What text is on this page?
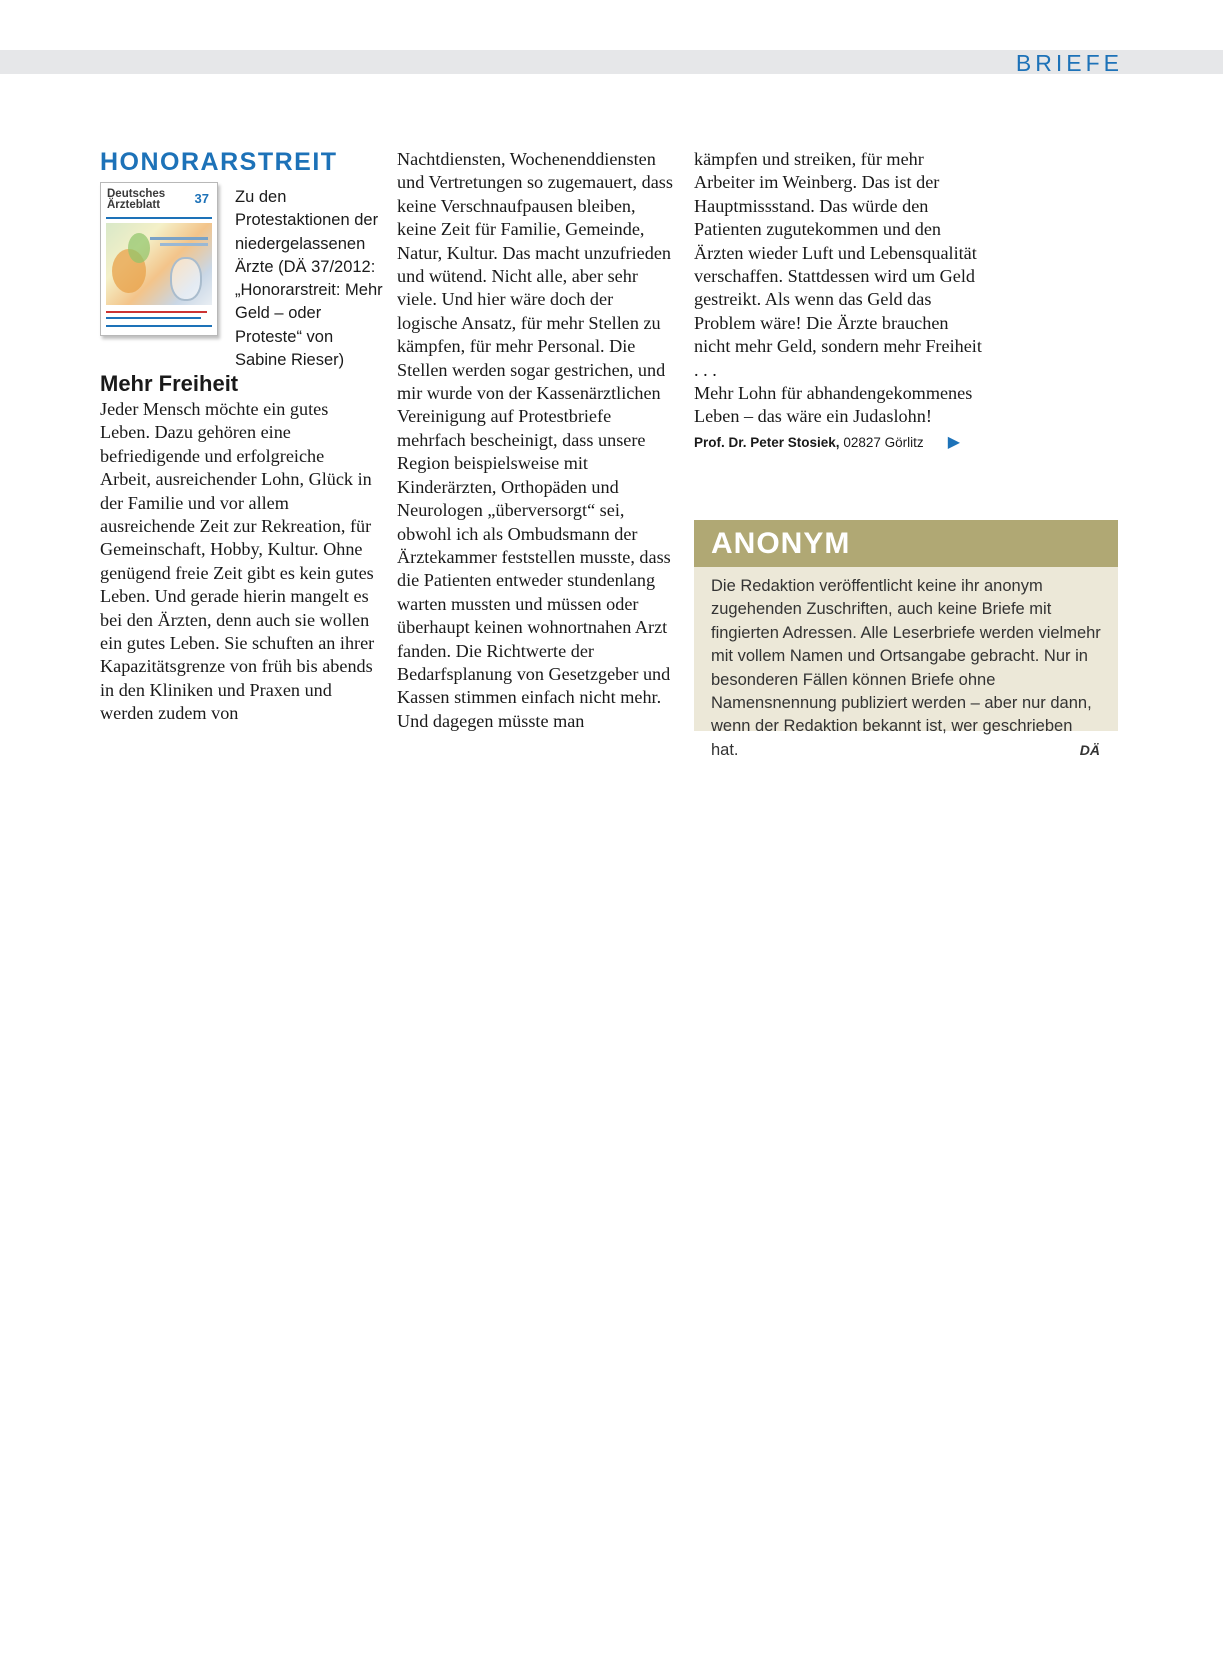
BRIEFE
HONORARSTREIT
Deutsches Ärzteblatt	37 Zu den Protestaktionen der niedergelassenen Ärzte (DÄ 37/2012: „Honorarstreit: Mehr Geld – oder Proteste“ von Sabine Rieser)
Mehr Freiheit

Jeder Mensch möchte ein gutes Leben. Dazu gehören eine befriedigende und erfolgreiche Arbeit, ausreichender Lohn, Glück in der Familie und vor allem ausreichende Zeit zur Rekreation, für Gemeinschaft, Hobby, Kultur. Ohne genügend freie Zeit gibt es kein gutes Leben. Und gerade hierin mangelt es bei den Ärzten, denn auch sie wollen ein gutes Leben. Sie schuften an ihrer Kapazitätsgrenze von früh bis abends in den Kliniken und Praxen und werden zudem von

Nachtdiensten, Wochenenddiensten und Vertretungen so zugemauert, dass keine Verschnaufpausen bleiben, keine Zeit für Familie, Gemeinde, Natur, Kultur. Das macht unzufrieden und wütend. Nicht alle, aber sehr viele. Und hier wäre doch der logische Ansatz, für mehr Stellen zu kämpfen, für mehr Personal. Die Stellen werden sogar gestrichen, und mir wurde von der Kassenärztlichen Vereinigung auf Protestbriefe mehrfach bescheinigt, dass unsere Region beispielsweise mit Kinderärzten, Orthopäden und Neurologen „überversorgt“ sei, obwohl ich als Ombudsmann der Ärztekammer feststellen musste, dass die Patienten entweder stundenlang warten mussten und müssen oder überhaupt keinen wohnortnahen Arzt fanden. Die Richtwerte der Bedarfsplanung von Gesetzgeber und Kassen stimmen einfach nicht mehr. Und dagegen müsste man

kämpfen und streiken, für mehr Arbeiter im Weinberg. Das ist der Hauptmissstand. Das würde den Patienten zugutekommen und den Ärzten wieder Luft und Lebensqualität verschaffen. Stattdessen wird um Geld gestreikt. Als wenn das Geld das Problem wäre! Die Ärzte brauchen nicht mehr Geld, sondern mehr Freiheit . . .

Mehr Lohn für abhandengekommenes Leben – das wäre ein Judaslohn!

Prof. Dr. Peter Stosiek, 02827 Görlitz ▶
ANONYM
Die Redaktion veröffentlicht keine ihr anonym zugehenden Zuschriften, auch keine Briefe mit fingierten Adressen. Alle Leserbriefe werden vielmehr mit vollem Namen und Ortsangabe gebracht. Nur in besonderen Fällen können Briefe ohne Namensnennung publiziert werden – aber nur dann, wenn der Redaktion bekannt ist, wer geschrieben hat.	DÄ
